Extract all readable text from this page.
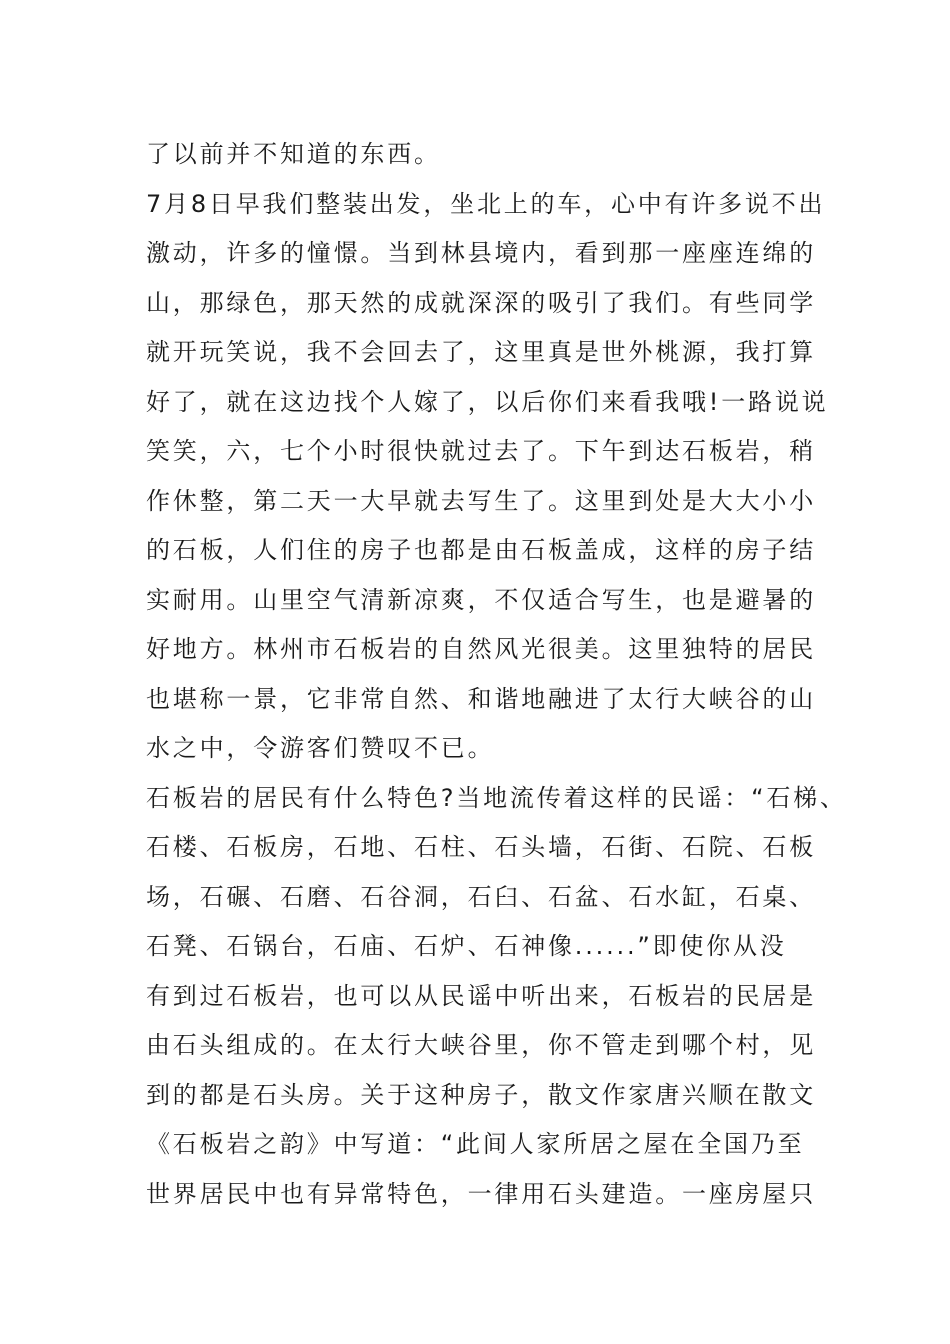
了以前并不知道的东西。
7月8日早我们整装出发，坐北上的车，心中有许多说不出
激动，许多的憧憬。当到林县境内，看到那一座座连绵的
山，那绿色，那天然的成就深深的吸引了我们。有些同学
就开玩笑说，我不会回去了，这里真是世外桃源，我打算
好了，就在这边找个人嫁了，以后你们来看我哦!一路说说
笑笑，六，七个小时很快就过去了。下午到达石板岩，稍
作休整，第二天一大早就去写生了。这里到处是大大小小
的石板，人们住的房子也都是由石板盖成，这样的房子结
实耐用。山里空气清新凉爽，不仅适合写生，也是避暑的
好地方。林州市石板岩的自然风光很美。这里独特的居民
也堪称一景，它非常自然、和谐地融进了太行大峡谷的山
水之中，令游客们赞叹不已。
石板岩的居民有什么特色?当地流传着这样的民谣：“石梯、
石楼、石板房，石地、石柱、石头墙，石街、石院、石板
场，石碾、石磨、石谷洞，石臼、石盆、石水缸，石桌、
石凳、石锅台，石庙、石炉、石神像......”即使你从没
有到过石板岩，也可以从民谣中听出来，石板岩的民居是
由石头组成的。在太行大峡谷里，你不管走到哪个村，见
到的都是石头房。关于这种房子，散文作家唐兴顺在散文
《石板岩之韵》中写道：“此间人家所居之屋在全国乃至
世界居民中也有异常特色，一律用石头建造。一座房屋只
